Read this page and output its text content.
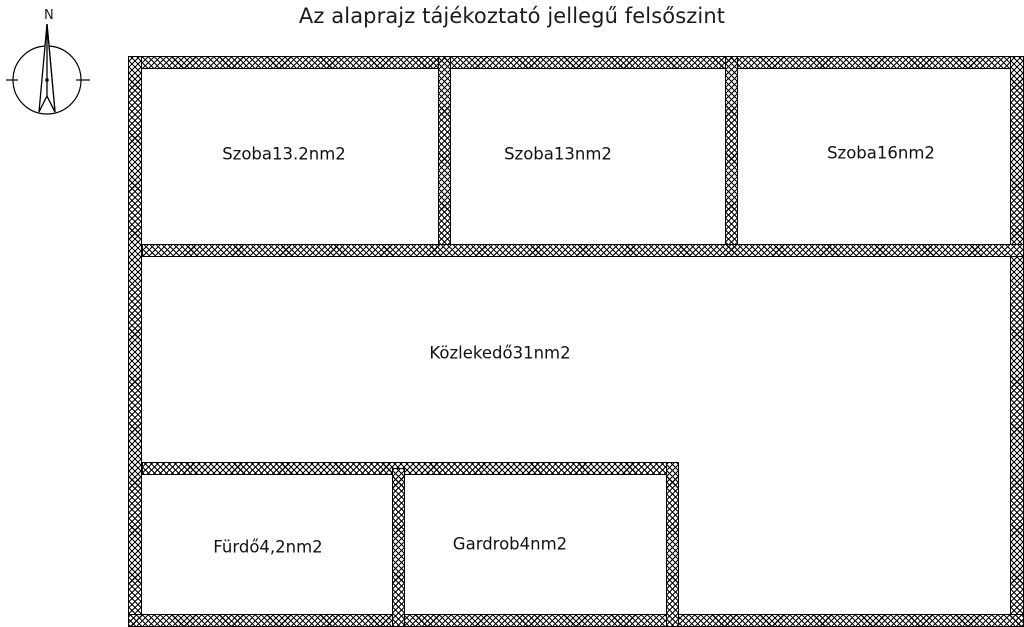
Az alaprajz tájékoztató jellegű felsőszint
N
Szoba13.2nm2	Szoba13nm2	Szoba16nm2
Közlekedő31nm2
Fürdő4,2nm2	Gardrob4nm2
